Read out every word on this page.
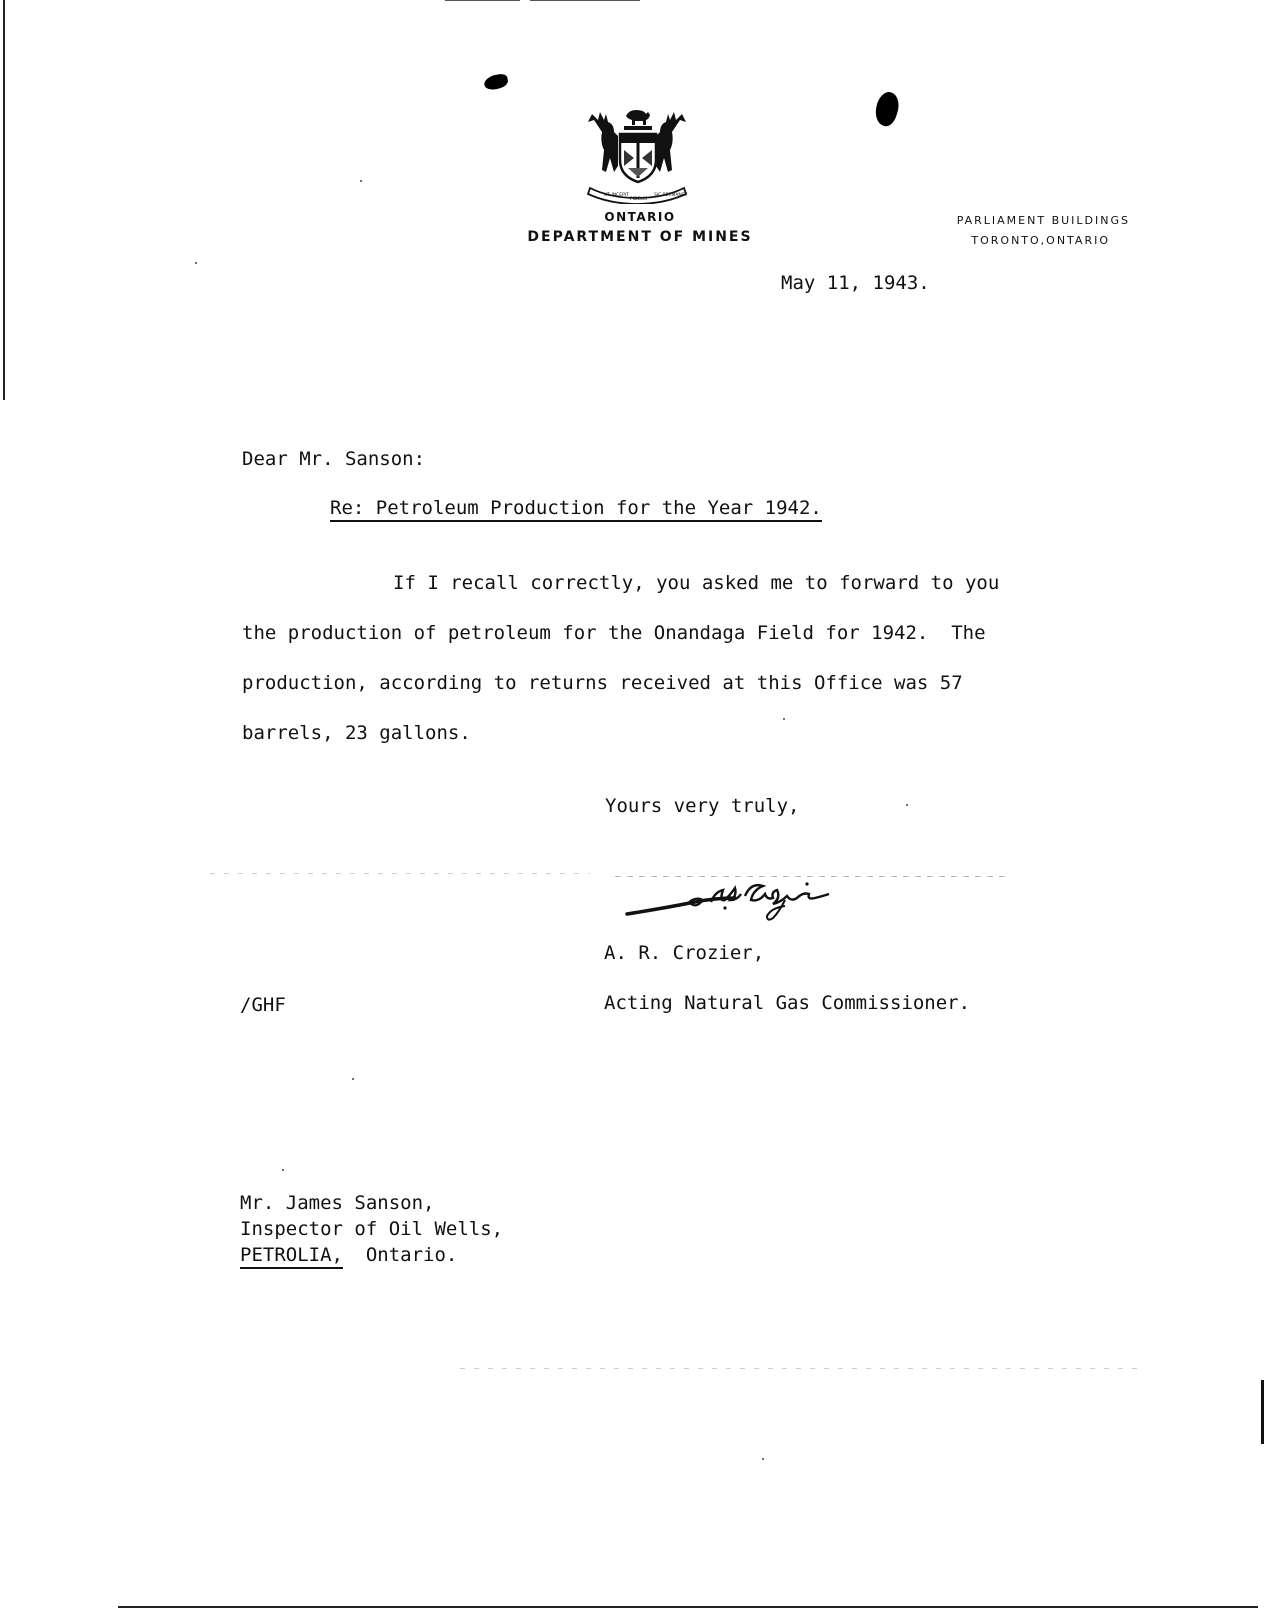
UT INCEPIT
FIDELIS
SIC PERMANET
ONTARIO
DEPARTMENT OF MINES
PARLIAMENT BUILDINGS
TORONTO,ONTARIO
May 11, 1943.
Dear Mr. Sanson:
Re: Petroleum Production for the Year 1942.
If I recall correctly, you asked me to forward to you
the production of petroleum for the Onandaga Field for 1942.  The
production, according to returns received at this Office was 57
barrels, 23 gallons.
Yours very truly,
A. R. Crozier,
Acting Natural Gas Commissioner.
/GHF
Mr. James Sanson,
Inspector of Oil Wells,
PETROLIA, Ontario.
